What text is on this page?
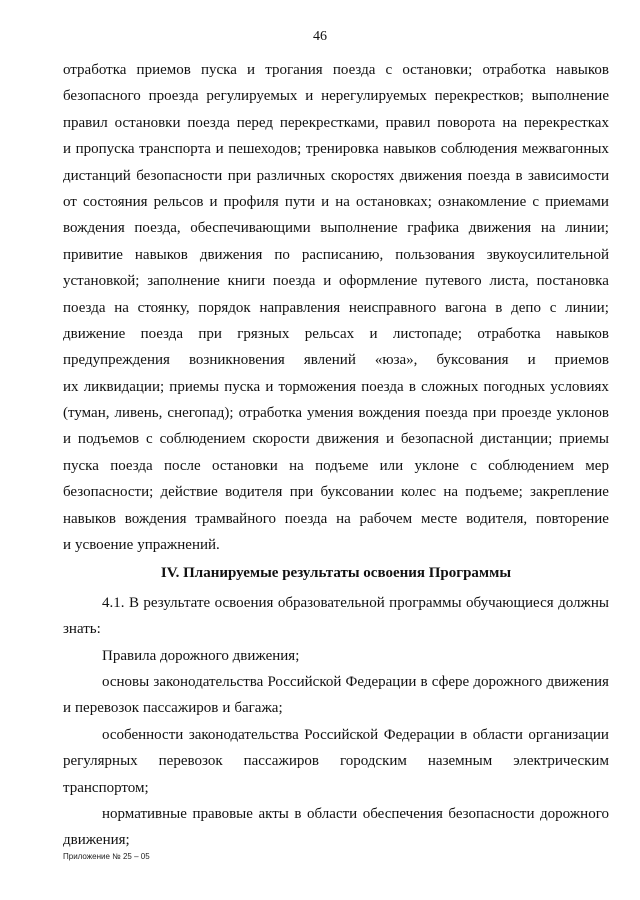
46
отработка приемов пуска и трогания поезда с остановки; отработка навыков
безопасного проезда регулируемых и нерегулируемых перекрестков; выполнение
правил остановки поезда перед перекрестками, правил поворота на перекрестках
и пропуска транспорта и пешеходов; тренировка навыков соблюдения межвагонных
дистанций безопасности при различных скоростях движения поезда в зависимости
от состояния рельсов и профиля пути и на остановках; ознакомление с приемами
вождения поезда, обеспечивающими выполнение графика движения на линии;
привитие навыков движения по расписанию, пользования звукоусилительной
установкой; заполнение книги поезда и оформление путевого листа, постановка
поезда на стоянку, порядок направления неисправного вагона в депо с линии;
движение поезда при грязных рельсах и листопаде; отработка навыков
предупреждения возникновения явлений «юза», буксования и приемов
их ликвидации; приемы пуска и торможения поезда в сложных погодных условиях
(туман, ливень, снегопад); отработка умения вождения поезда при проезде уклонов
и подъемов с соблюдением скорости движения и безопасной дистанции; приемы
пуска поезда после остановки на подъеме или уклоне с соблюдением мер
безопасности; действие водителя при буксовании колес на подъеме; закрепление
навыков вождения трамвайного поезда на рабочем месте водителя, повторение
и усвоение упражнений.
IV. Планируемые результаты освоения Программы
4.1. В результате освоения образовательной программы обучающиеся должны
знать:
Правила дорожного движения;
основы законодательства Российской Федерации в сфере дорожного движения
и перевозок пассажиров и багажа;
особенности законодательства Российской Федерации в области организации
регулярных перевозок пассажиров городским наземным электрическим
транспортом;
нормативные правовые акты в области обеспечения безопасности дорожного
движения;
Приложение № 25 – 05
